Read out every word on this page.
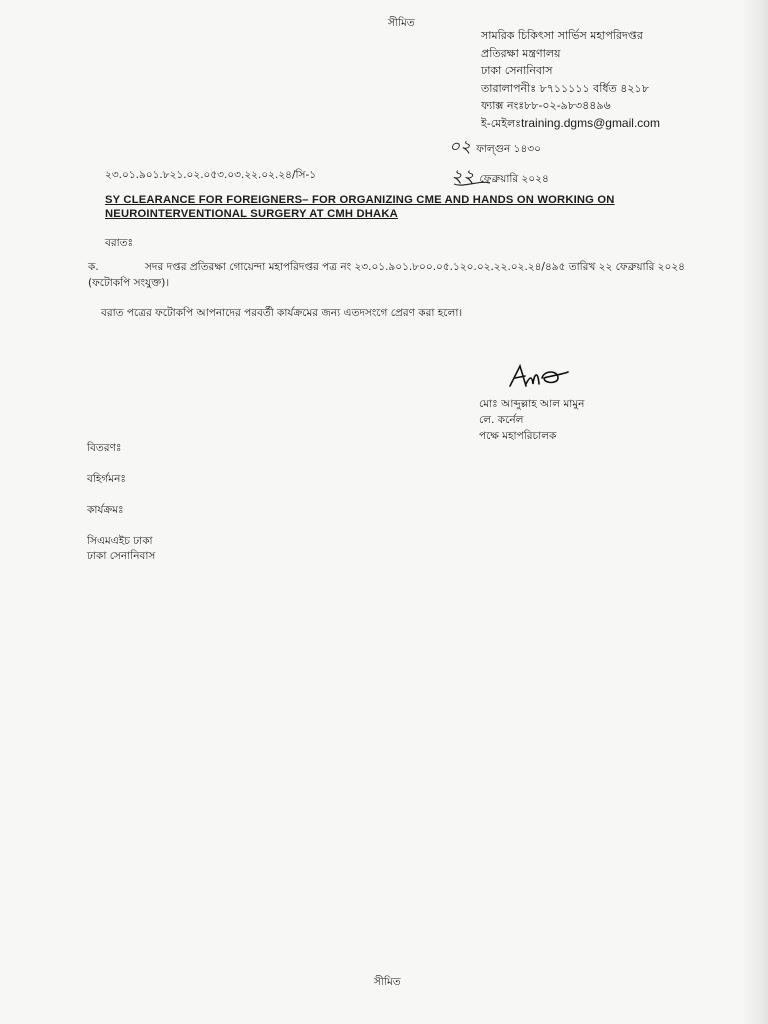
সীমিত
সামরিক চিকিৎসা সার্ভিস মহাপরিদপ্তর
প্রতিরক্ষা মন্ত্রণালয়
ঢাকা সেনানিবাস
তারালাপনীঃ ৮৭১১১১১ বর্ধিত ৪২১৮
ফ্যাক্স নংঃ৮৮-০২-৯৮৩৪৪৯৬
ই-মেইলঃtraining.dgms@gmail.com
০২ ফাল্গুন ১৪৩০
২৩.০১.৯০১.৮২১.০২.০৫৩.০৩.২২.০২.২৪/সি-১	২২ ফেব্রুয়ারি ২০২৪
SY CLEARANCE FOR FOREIGNERS– FOR ORGANIZING CME AND HANDS ON WORKING ON
NEUROINTERVENTIONAL SURGERY AT CMH DHAKA
বরাতঃ
ক.	সদর দপ্তর প্রতিরক্ষা গোয়েন্দা মহাপরিদপ্তর পত্র নং ২৩.০১.৯০১.৮০০.০৫.১২০.০২.২২.০২.২৪/৪৯৫ তারিখ ২২ ফেব্রুয়ারি ২০২৪
(ফটোকপি সংযুক্ত)।
বরাত পত্রের ফটোকপি আপনাদের পরবর্তী কার্যক্রমের জন্য এতদসংগে প্রেরণ করা হলো।
মোঃ আব্দুল্লাহ আল মামুন
লে. কর্নেল
পক্ষে মহাপরিচালক
বিতরণঃ
বহির্গমনঃ
কার্যক্রমঃ
সিএমএইচ ঢাকা
ঢাকা সেনানিবাস
সীমিত
